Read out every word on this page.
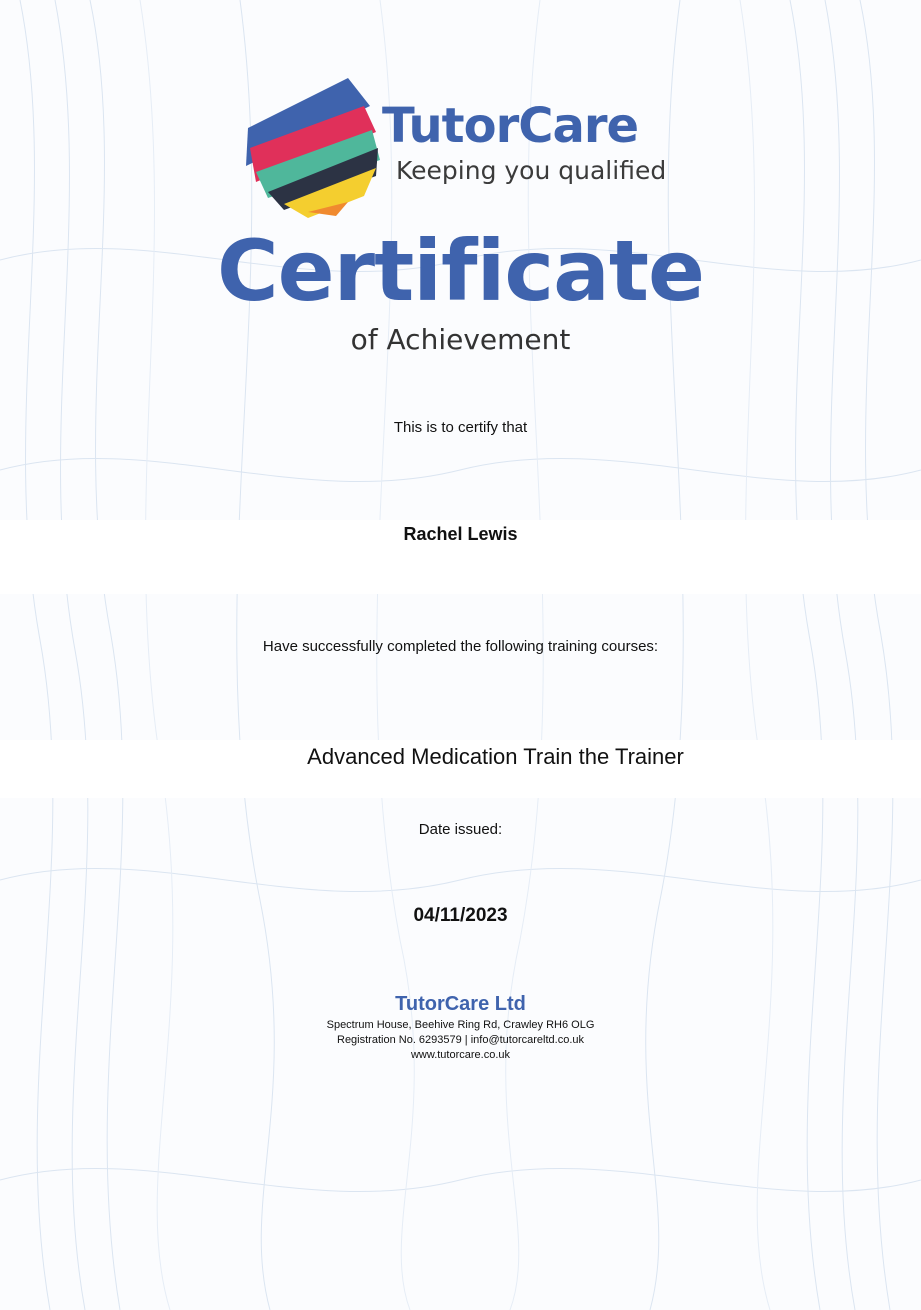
TutorCare
Keeping you qualified
Certificate
of Achievement
This is to certify that
Rachel Lewis
Have successfully completed the following training courses:
Advanced Medication Train the Trainer
Date issued:
04/11/2023
TutorCare Ltd
Spectrum House, Beehive Ring Rd, Crawley RH6 OLG
Registration No. 6293579 | info@tutorcareltd.co.uk
www.tutorcare.co.uk
